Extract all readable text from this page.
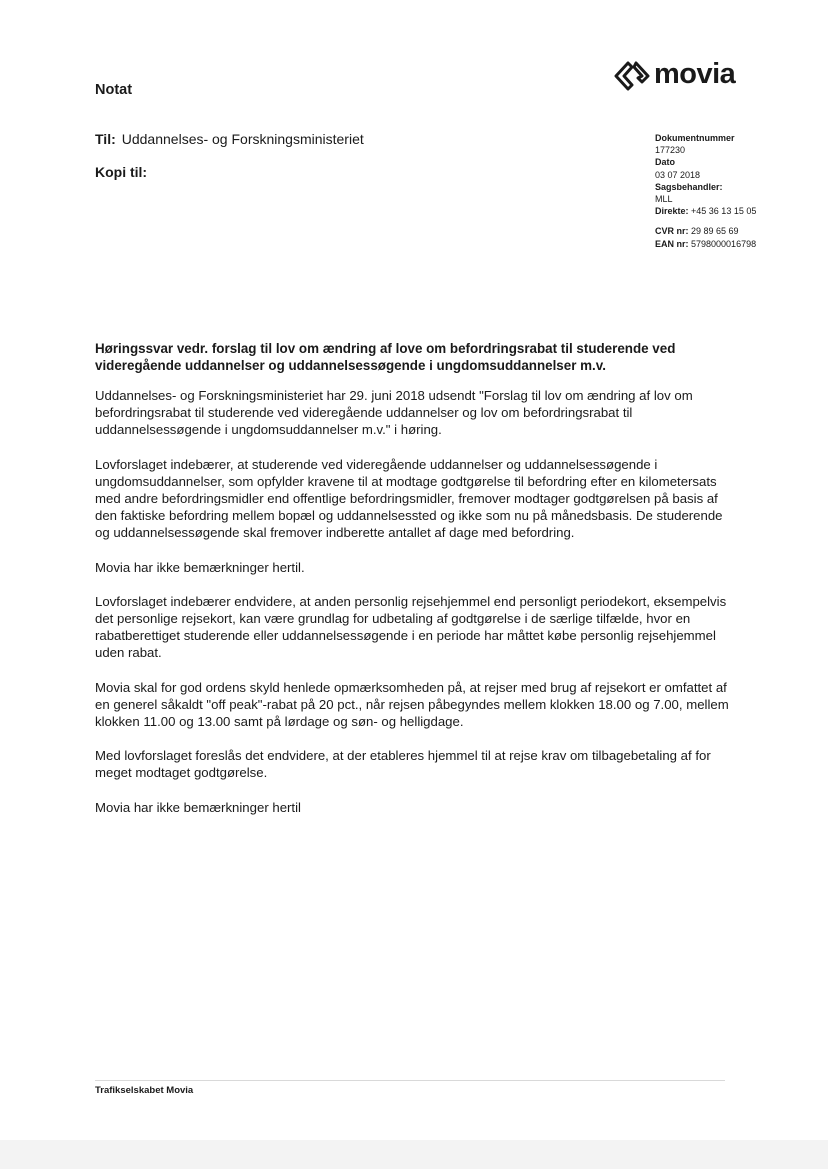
Notat	movia
Til: Uddannelses- og Forskningsministeriet
Kopi til:
Dokumentnummer
177230
Dato
03 07 2018
Sagsbehandler:
MLL
Direkte: +45 36 13 15 05
CVR nr: 29 89 65 69
EAN nr: 5798000016798
Høringssvar vedr. forslag til lov om ændring af love om befordringsrabat til studerende ved videregående uddannelser og uddannelsessøgende i ungdomsuddannelser m.v.

Uddannelses- og Forskningsministeriet har 29. juni 2018 udsendt "Forslag til lov om ændring af lov om befordringsrabat til studerende ved videregående uddannelser og lov om befordringsrabat til uddannelsessøgende i ungdomsuddannelser m.v." i høring.

Lovforslaget indebærer, at studerende ved videregående uddannelser og uddannelsessøgende i ungdomsuddannelser, som opfylder kravene til at modtage godtgørelse til befordring efter en kilometersats med andre befordringsmidler end offentlige befordringsmidler, fremover modtager godtgørelsen på basis af den faktiske befordring mellem bopæl og uddannelsessted og ikke som nu på månedsbasis. De studerende og uddannelsessøgende skal fremover indberette antallet af dage med befordring.

Movia har ikke bemærkninger hertil.

Lovforslaget indebærer endvidere, at anden personlig rejsehjemmel end personligt periodekort, eksempelvis det personlige rejsekort, kan være grundlag for udbetaling af godtgørelse i de særlige tilfælde, hvor en rabatberettiget studerende eller uddannelsessøgende i en periode har måttet købe personlig rejsehjemmel uden rabat.

Movia skal for god ordens skyld henlede opmærksomheden på, at rejser med brug af rejsekort er omfattet af en generel såkaldt "off peak"-rabat på 20 pct., når rejsen påbegyndes mellem klokken 18.00 og 7.00, mellem klokken 11.00 og 13.00 samt på lørdage og søn- og helligdage.

Med lovforslaget foreslås det endvidere, at der etableres hjemmel til at rejse krav om tilbagebetaling af for meget modtaget godtgørelse.

Movia har ikke bemærkninger hertil

Trafikselskabet Movia
